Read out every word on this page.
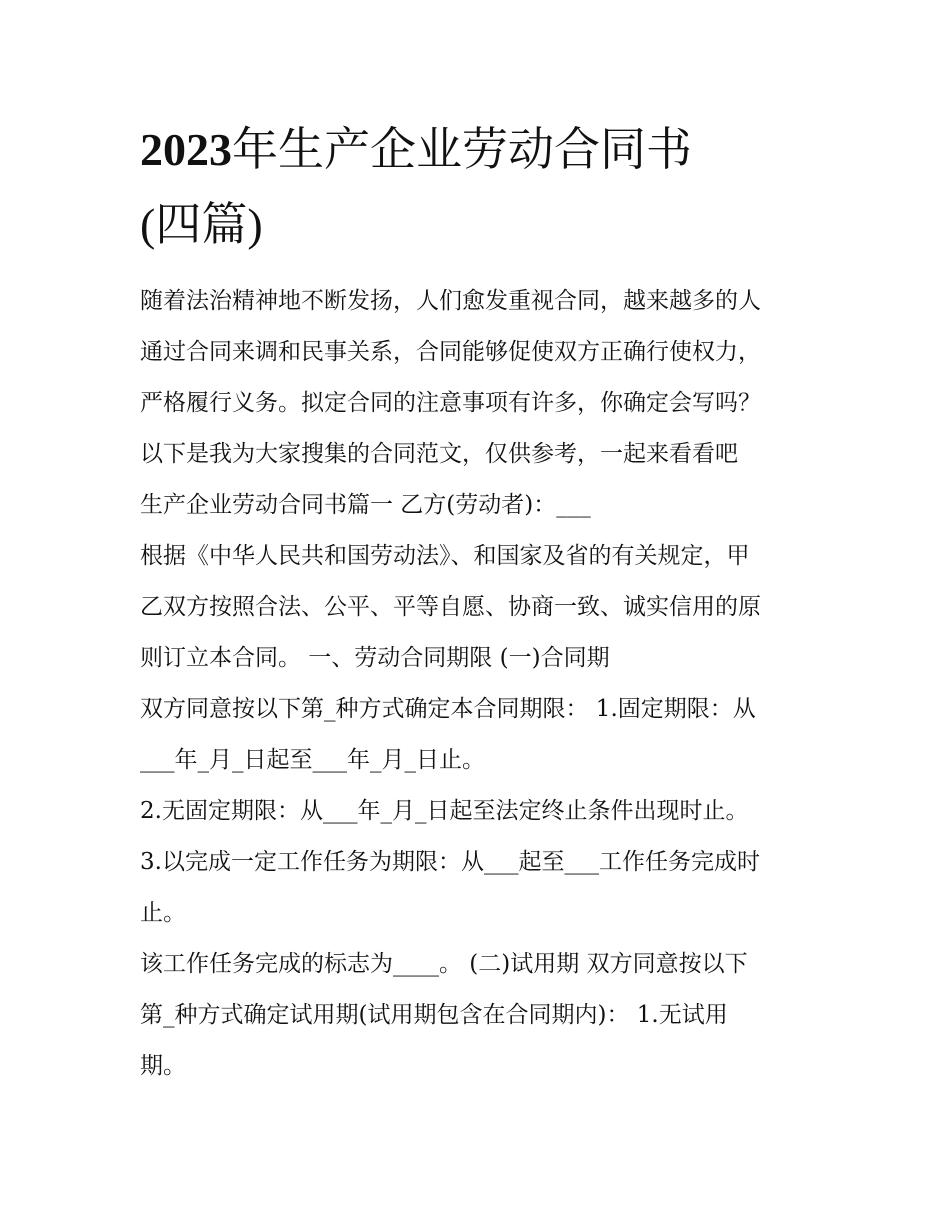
2023年生产企业劳动合同书
(四篇)
随着法治精神地不断发扬，人们愈发重视合同，越来越多的人
通过合同来调和民事关系，合同能够促使双方正确行使权力，
严格履行义务。拟定合同的注意事项有许多，你确定会写吗？
以下是我为大家搜集的合同范文，仅供参考，一起来看看吧
生产企业劳动合同书篇一 乙方(劳动者)：___
根据《中华人民共和国劳动法》、和国家及省的有关规定，甲
乙双方按照合法、公平、平等自愿、协商一致、诚实信用的原
则订立本合同。 一、劳动合同期限 (一)合同期
双方同意按以下第_种方式确定本合同期限： 1.固定期限：从
___年_月_日起至___年_月_日止。
2.无固定期限：从___年_月_日起至法定终止条件出现时止。
3.以完成一定工作任务为期限：从___起至___工作任务完成时
止。
该工作任务完成的标志为____。 (二)试用期 双方同意按以下
第_种方式确定试用期(试用期包含在合同期内)： 1.无试用
期。
